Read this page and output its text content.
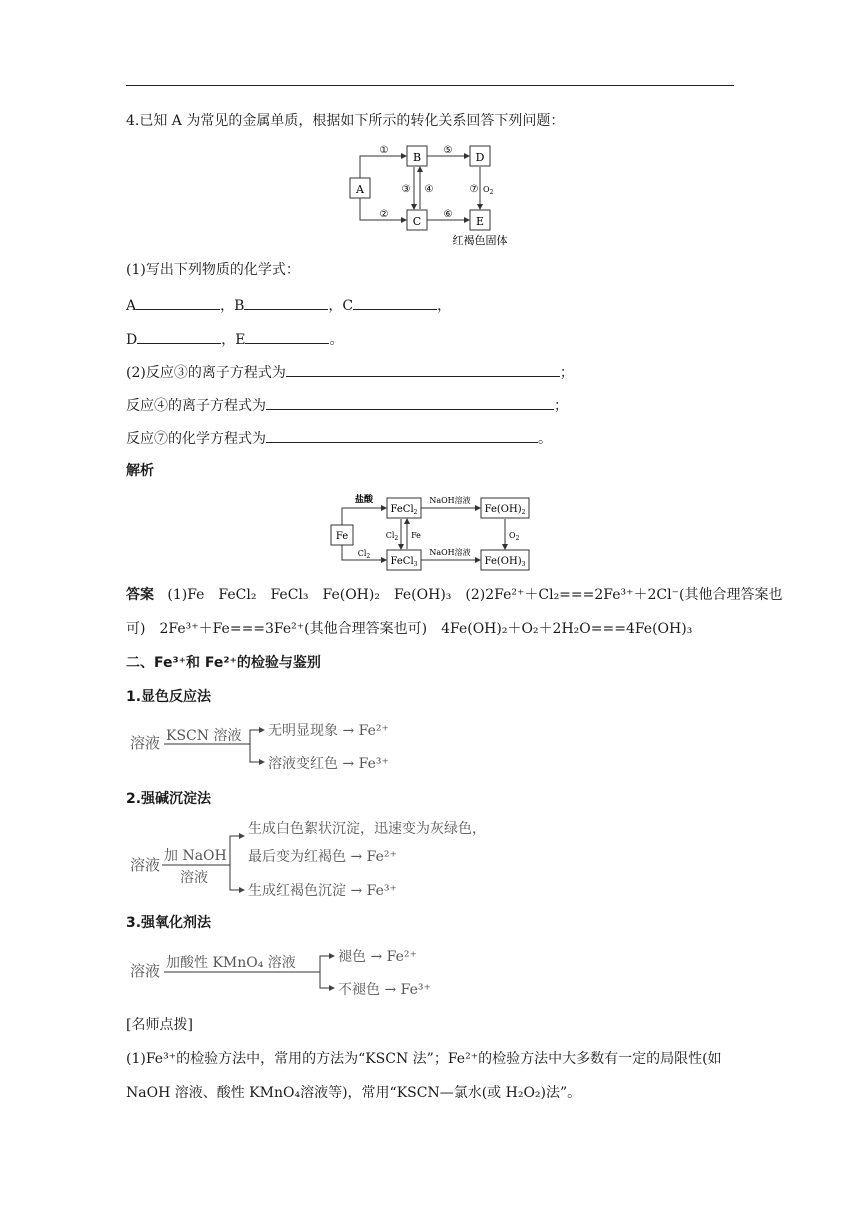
4.已知 A 为常见的金属单质，根据如下所示的转化关系回答下列问题：
A
B
C
D
E
①
②
③ ④
⑤
⑥
⑦ $O_2$
红褐色固体
(1)写出下列物质的化学式：
A	，B	，C	，
D	，E	。
(2)反应③的离子方程式为	；
反应④的离子方程式为	；
反应⑦的化学方程式为	。
解析
Fe
FeCl$_2$
FeCl$_3$
$Fe(OH)_2$
$Fe(OH)_3$
盐酸
$Cl_2$
$Cl_2$ Fe
NaOH溶液
NaOH溶液
$O_2$
答案 (1)Fe　FeCl₂　FeCl₃　Fe(OH)₂　Fe(OH)₃　(2)2Fe²⁺＋Cl₂===2Fe³⁺＋2Cl⁻(其他合理答案也
可)　2Fe³⁺＋Fe===3Fe²⁺(其他合理答案也可)　4Fe(OH)₂＋O₂＋2H₂O===4Fe(OH)₃
二、Fe³⁺和 Fe²⁺的检验与鉴别
1.显色反应法
溶液 KSCN 溶液 无明显现象 → Fe²⁺
溶液变红色 → Fe³⁺
2.强碱沉淀法
溶液 加 NaOH
溶液
生成白色絮状沉淀，迅速变为灰绿色，
最后变为红褐色 → Fe²⁺
生成红褐色沉淀 → Fe³⁺
3.强氧化剂法
溶液 加酸性 KMnO₄ 溶液	褪色 → Fe²⁺
不褪色 → Fe³⁺
[名师点拨]
(1)Fe³⁺的检验方法中，常用的方法为“KSCN 法”；Fe²⁺的检验方法中大多数有一定的局限性(如
NaOH 溶液、酸性 KMnO₄溶液等)，常用“KSCN—氯水(或 H₂O₂)法”。
